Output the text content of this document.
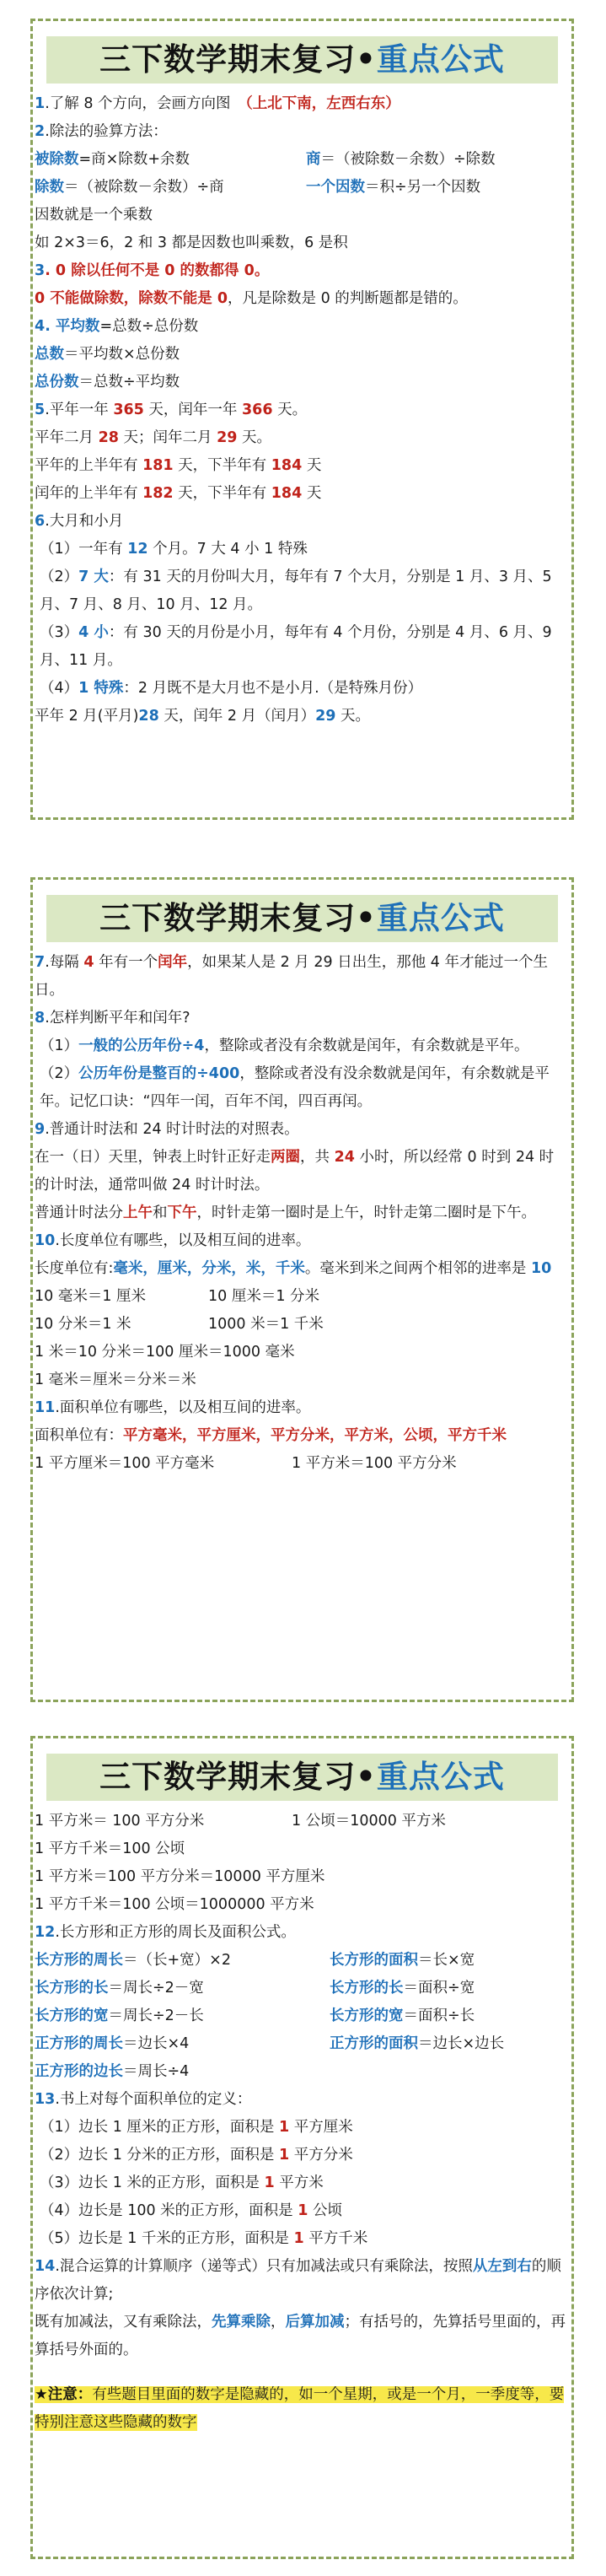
三下数学期末复习•重点公式
1.了解 8 个方向，会画方向图　（上北下南，左西右东）
2.除法的验算方法：
被除数=商×除数+余数	商＝（被除数－余数）÷除数
除数＝（被除数－余数）÷商	一个因数＝积÷另一个因数
因数就是一个乘数
如 2×3＝6，2 和 3 都是因数也叫乘数，6 是积
3. 0 除以任何不是 0 的数都得 0。
0 不能做除数，除数不能是 0，凡是除数是 0 的判断题都是错的。
4. 平均数=总数÷总份数
总数＝平均数×总份数
总份数＝总数÷平均数
5.平年一年 365 天，闰年一年 366 天。
平年二月 28 天；闰年二月 29 天。
平年的上半年有 181 天，下半年有 184 天
闰年的上半年有 182 天，下半年有 184 天
6.大月和小月
（1）一年有 12 个月。7 大 4 小 1 特殊
（2）7 大：有 31 天的月份叫大月，每年有 7 个大月，分别是 1 月、3 月、5 月、7 月、8 月、10 月、12 月。
（3）4 小：有 30 天的月份是小月，每年有 4 个月份，分别是 4 月、6 月、9 月、11 月。
（4）1 特殊：2 月既不是大月也不是小月.（是特殊月份）
平年 2 月(平月)28 天，闰年 2 月（闰月）29 天。
三下数学期末复习•重点公式
7.每隔 4 年有一个闰年，如果某人是 2 月 29 日出生，那他 4 年才能过一个生日。
8.怎样判断平年和闰年?
（1）一般的公历年份÷4，整除或者没有余数就是闰年，有余数就是平年。
（2）公历年份是整百的÷400，整除或者没有没余数就是闰年，有余数就是平年。记忆口诀：“四年一闰，百年不闰，四百再闰。
9.普通计时法和 24 时计时法的对照表。
在一（日）天里，钟表上时针正好走两圈，共 24 小时，所以经常 0 时到 24 时的计时法，通常叫做 24 时计时法。
普通计时法分上午和下午，时针走第一圈时是上午，时针走第二圈时是下午。
10.长度单位有哪些，以及相互间的进率。
长度单位有:毫米，厘米，分米，米，千米。毫米到米之间两个相邻的进率是 10
10 毫米＝1 厘米	10 厘米＝1 分米
10 分米＝1 米	1000 米＝1 千米
1 米＝10 分米＝100 厘米＝1000 毫米
1 毫米＝厘米＝分米＝米
11.面积单位有哪些，以及相互间的进率。
面积单位有：平方毫米，平方厘米，平方分米，平方米，公顷，平方千米
1 平方厘米＝100 平方毫米	1 平方米＝100 平方分米
三下数学期末复习•重点公式
1 平方米＝ 100 平方分米	1 公顷＝10000 平方米
1 平方千米＝100 公顷
1 平方米＝100 平方分米＝10000 平方厘米
1 平方千米＝100 公顷＝1000000 平方米
12.长方形和正方形的周长及面积公式。
长方形的周长＝（长+宽）×2	长方形的面积＝长×宽
长方形的长＝周长÷2－宽	长方形的长＝面积÷宽
长方形的宽＝周长÷2－长	长方形的宽＝面积÷长
正方形的周长＝边长×4	正方形的面积＝边长×边长
正方形的边长＝周长÷4
13.书上对每个面积单位的定义：
（1）边长 1 厘米的正方形，面积是 1 平方厘米
（2）边长 1 分米的正方形，面积是 1 平方分米
（3）边长 1 米的正方形，面积是 1 平方米
（4）边长是 100 米的正方形，面积是 1 公顷
（5）边长是 1 千米的正方形，面积是 1 平方千米
14.混合运算的计算顺序（递等式）只有加减法或只有乘除法，按照从左到右的顺序依次计算;
既有加减法，又有乘除法，先算乘除，后算加减；有括号的，先算括号里面的，再算括号外面的。
★注意：有些题目里面的数字是隐藏的，如一个星期，或是一个月，一季度等，要特别注意这些隐藏的数字
